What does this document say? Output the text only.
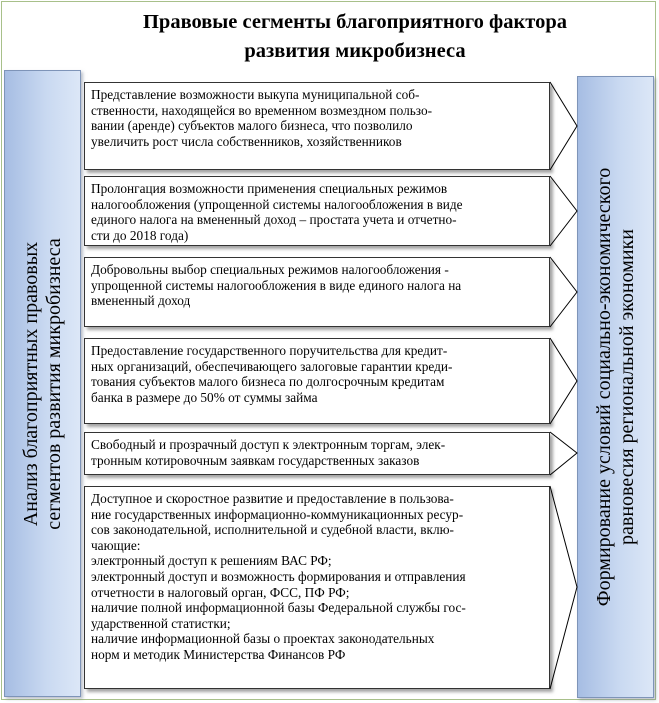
Правовые сегменты благоприятного фактора
развития микробизнеса
Анализ благоприятных правовых сегментов развития микробизнеса	Формирование условий социально-экономического равновесия региональной экономики
Представление возможности выкупа муниципальной соб-
ственности, находящейся во временном возмездном пользо-
вании (аренде) субъектов малого бизнеса, что позволило
увеличить рост числа собственников, хозяйственников
Пролонгация возможности применения специальных режимов
налогообложения (упрощенной системы налогообложения в виде
единого налога на вмененный доход – простата учета и отчетно-
сти до 2018 года)
Добровольны выбор специальных режимов налогообложения -
упрощенной системы налогообложения в виде единого налога на
вмененный доход
Предоставление государственного поручительства для кредит-
ных организаций, обеспечивающего залоговые гарантии креди-
тования субъектов малого бизнеса по долгосрочным кредитам
банка в размере до 50% от суммы займа
Свободный и прозрачный доступ к электронным торгам, элек-
тронным котировочным заявкам государственных заказов
Доступное и скоростное развитие и предоставление в пользова-
ние государственных информационно-коммуникационных ресур-
сов законодательной, исполнительной и судебной власти, вклю-
чающие:
электронный доступ к решениям ВАС РФ;
электронный доступ и возможность формирования и отправления
отчетности в налоговый орган, ФСС, ПФ РФ;
наличие полной информационной базы Федеральной службы гос-
ударственной статистки;
наличие информационной базы о проектах законодательных
норм и методик Министерства Финансов РФ
